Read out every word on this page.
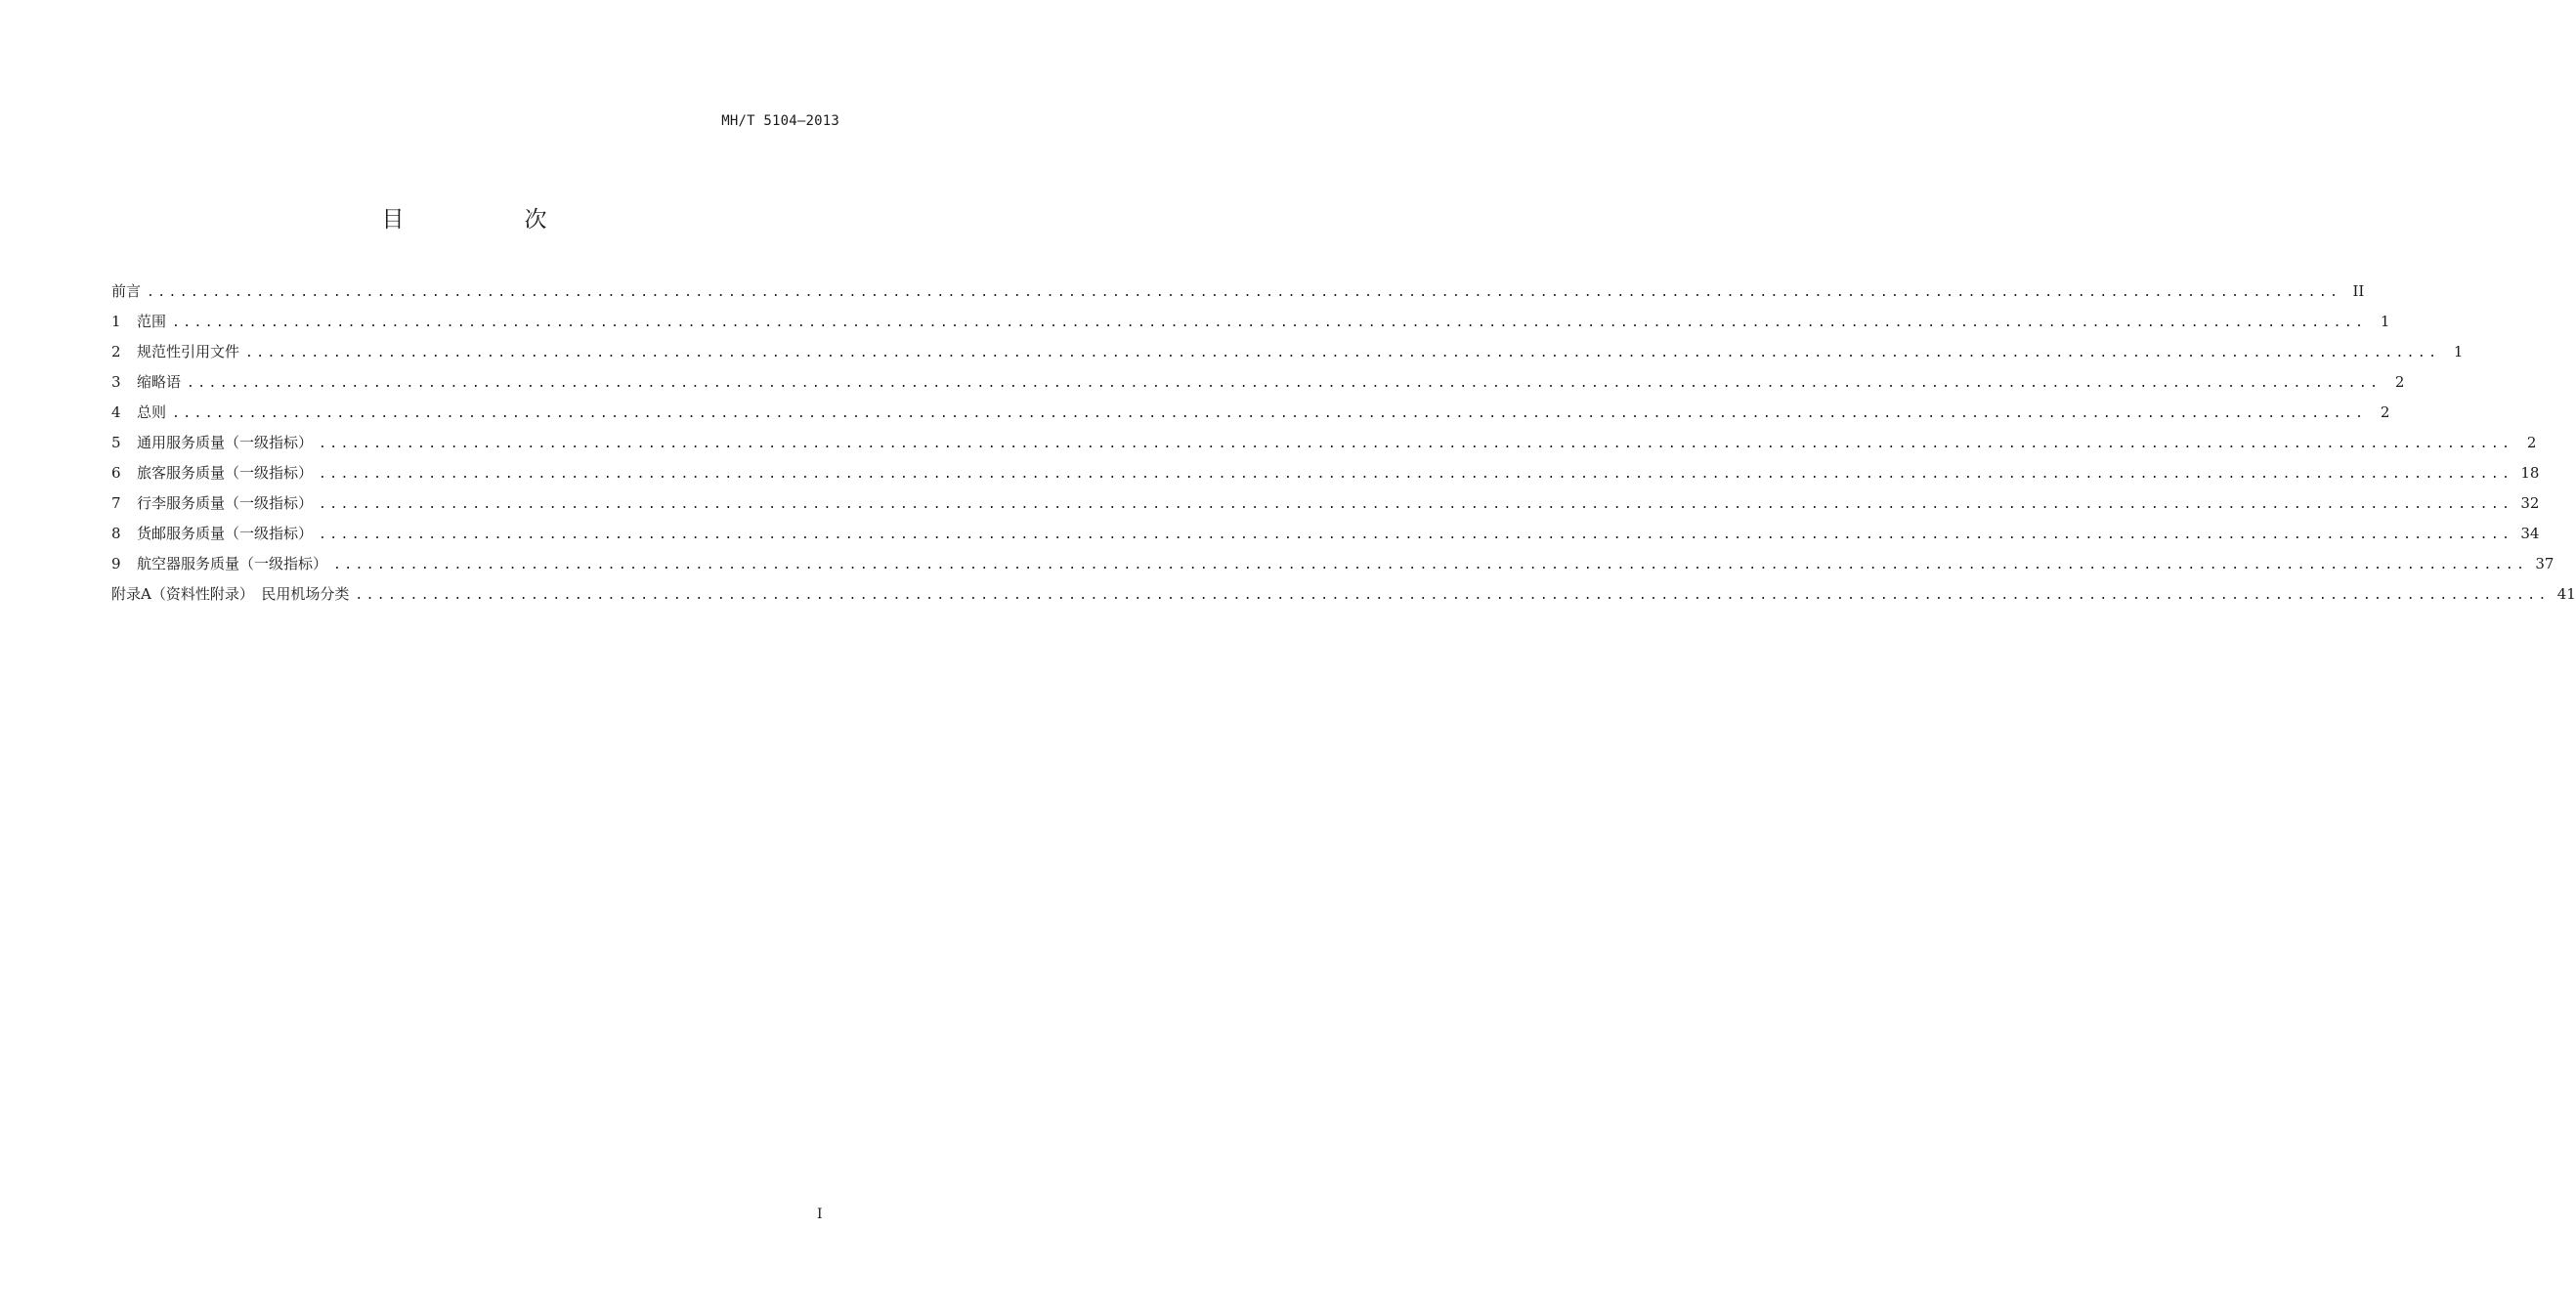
MH/T 5104—2013
目　次
前言 ........................................................................................................................................................................................................ II
1	范围 ........................................................................................................................................................................................................ 1
2	规范性引用文件 ........................................................................................................................................................................................................ 1
3	缩略语 ........................................................................................................................................................................................................ 2
4	总则 ........................................................................................................................................................................................................ 2
5	通用服务质量（一级指标） ........................................................................................................................................................................................................ 2
6	旅客服务质量（一级指标） ........................................................................................................................................................................................................ 18
7	行李服务质量（一级指标） ........................................................................................................................................................................................................ 32
8	货邮服务质量（一级指标） ........................................................................................................................................................................................................ 34
9	航空器服务质量（一级指标） ........................................................................................................................................................................................................ 37
附录A（资料性附录）　民用机场分类 ........................................................................................................................................................................................................ 41
I
